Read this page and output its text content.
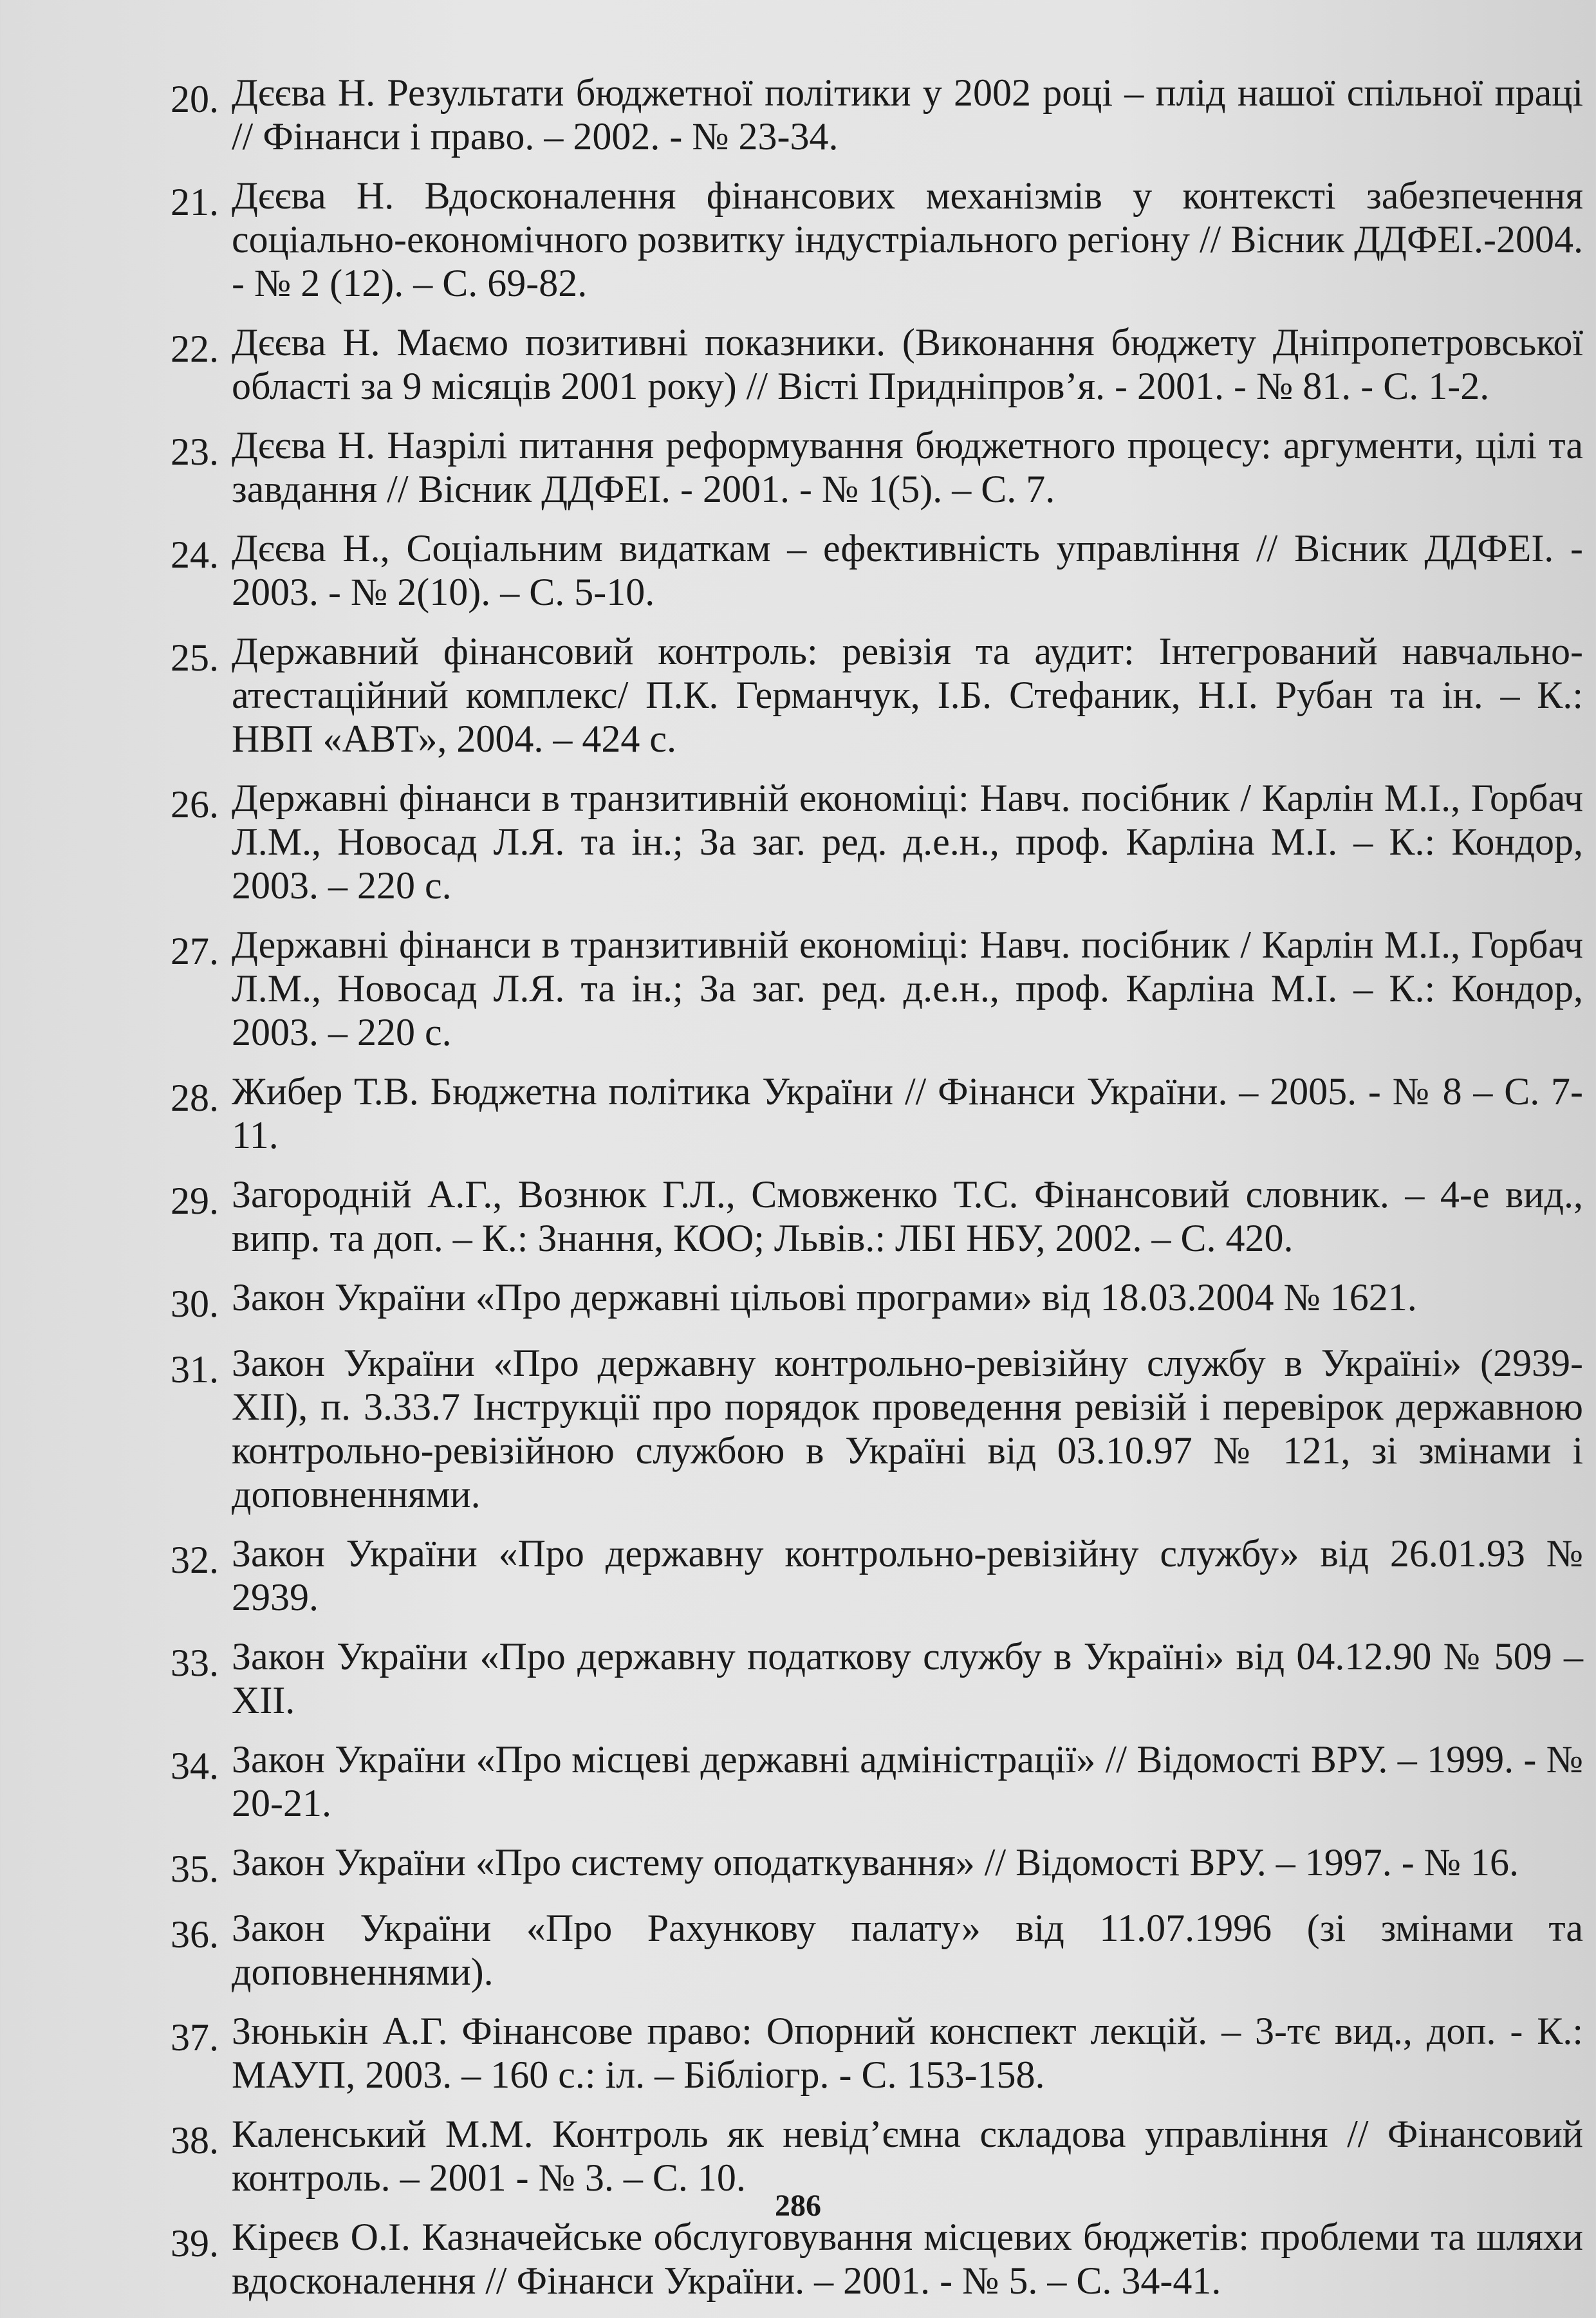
20. Дєєва Н. Результати бюджетної політики у 2002 році – плід нашої спільної праці // Фінанси і право. – 2002. - № 23-34.
21. Дєєва Н. Вдосконалення фінансових механізмів у контексті забезпечення соціально-економічного розвитку індустріального регіону // Вісник ДДФЕІ.-2004. - № 2 (12). – С. 69-82.
22. Дєєва Н. Маємо позитивні показники. (Виконання бюджету Дніпропетровської області за 9 місяців 2001 року) // Вісті Придніпров’я. - 2001. - № 81. - С. 1-2.
23. Дєєва Н. Назрілі питання реформування бюджетного процесу: аргументи, цілі та завдання // Вісник ДДФЕІ. - 2001. - № 1(5). – С. 7.
24. Дєєва Н., Соціальним видаткам – ефективність управління // Вісник ДДФЕІ. - 2003. - № 2(10). – С. 5-10.
25. Державний фінансовий контроль: ревізія та аудит: Інтегрований навчально-атестаційний комплекс/ П.К. Германчук, І.Б. Стефаник, Н.І. Рубан та ін. – К.: НВП «АВТ», 2004. – 424 с.
26. Державні фінанси в транзитивній економіці: Навч. посібник / Карлін М.І., Горбач Л.М., Новосад Л.Я. та ін.; За заг. ред. д.е.н., проф. Карліна М.І. – К.: Кондор, 2003. – 220 с.
27. Державні фінанси в транзитивній економіці: Навч. посібник / Карлін М.І., Горбач Л.М., Новосад Л.Я. та ін.; За заг. ред. д.е.н., проф. Карліна М.І. – К.: Кондор, 2003. – 220 с.
28. Жибер Т.В. Бюджетна політика України // Фінанси України. – 2005. - № 8 – С. 7-11.
29. Загородній А.Г., Вознюк Г.Л., Смовженко Т.С. Фінансовий словник. – 4-е вид., випр. та доп. – К.: Знання, КОО; Львів.: ЛБІ НБУ, 2002. – С. 420.
30. Закон України «Про державні цільові програми» від 18.03.2004 № 1621.
31. Закон України «Про державну контрольно-ревізійну службу в Україні» (2939-ХІІ), п. 3.33.7 Інструкції про порядок проведення ревізій і перевірок державною контрольно-ревізійною службою в Україні від 03.10.97 № 121, зі змінами і доповненнями.
32. Закон України «Про державну контрольно-ревізійну службу» від 26.01.93 № 2939.
33. Закон України «Про державну податкову службу в Україні» від 04.12.90 № 509 – ХІІ.
34. Закон України «Про місцеві державні адміністрації» // Відомості ВРУ. – 1999. - № 20-21.
35. Закон України «Про систему оподаткування» // Відомості ВРУ. – 1997. - № 16.
36. Закон України «Про Рахункову палату» від 11.07.1996 (зі змінами та доповненнями).
37. Зюнькін А.Г. Фінансове право: Опорний конспект лекцій. – 3-тє вид., доп. - К.: МАУП, 2003. – 160 с.: іл. – Бібліогр. - С. 153-158.
38. Каленський М.М. Контроль як невід’ємна складова управління // Фінансовий контроль. – 2001 - № 3. – С. 10.
39. Кіреєв О.І. Казначейське обслуговування місцевих бюджетів: проблеми та шляхи вдосконалення // Фінанси України. – 2001. - № 5. – С. 34-41.
286
